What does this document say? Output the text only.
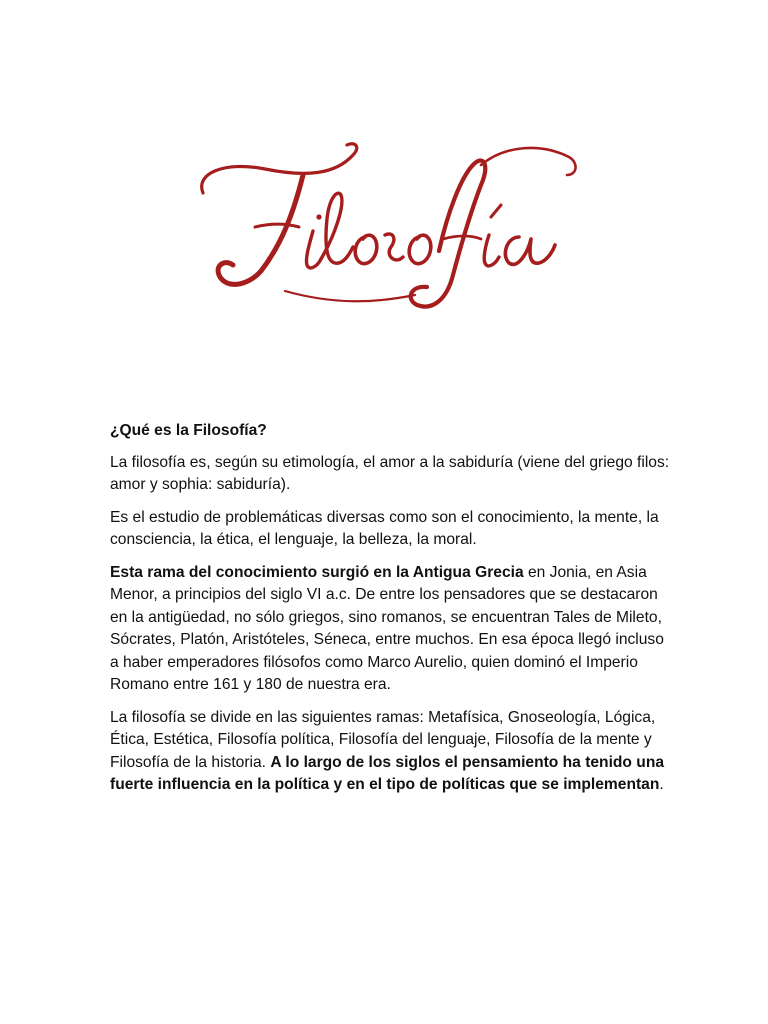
¿Qué es la Filosofía?

La filosofía es, según su etimología, el amor a la sabiduría (viene del griego filos: amor y sophia: sabiduría).

Es el estudio de problemáticas diversas como son el conocimiento, la mente, la consciencia, la ética, el lenguaje, la belleza, la moral.

Esta rama del conocimiento surgió en la Antigua Grecia en Jonia, en Asia Menor, a principios del siglo VI a.c. De entre los pensadores que se destacaron en la antigüedad, no sólo griegos, sino romanos, se encuentran Tales de Mileto, Sócrates, Platón, Aristóteles, Séneca, entre muchos. En esa época llegó incluso a haber emperadores filósofos como Marco Aurelio, quien dominó el Imperio Romano entre 161 y 180 de nuestra era.

La filosofía se divide en las siguientes ramas: Metafísica, Gnoseología, Lógica, Ética, Estética, Filosofía política, Filosofía del lenguaje, Filosofía de la mente y Filosofía de la historia. A lo largo de los siglos el pensamiento ha tenido una fuerte influencia en la política y en el tipo de políticas que se implementan.
